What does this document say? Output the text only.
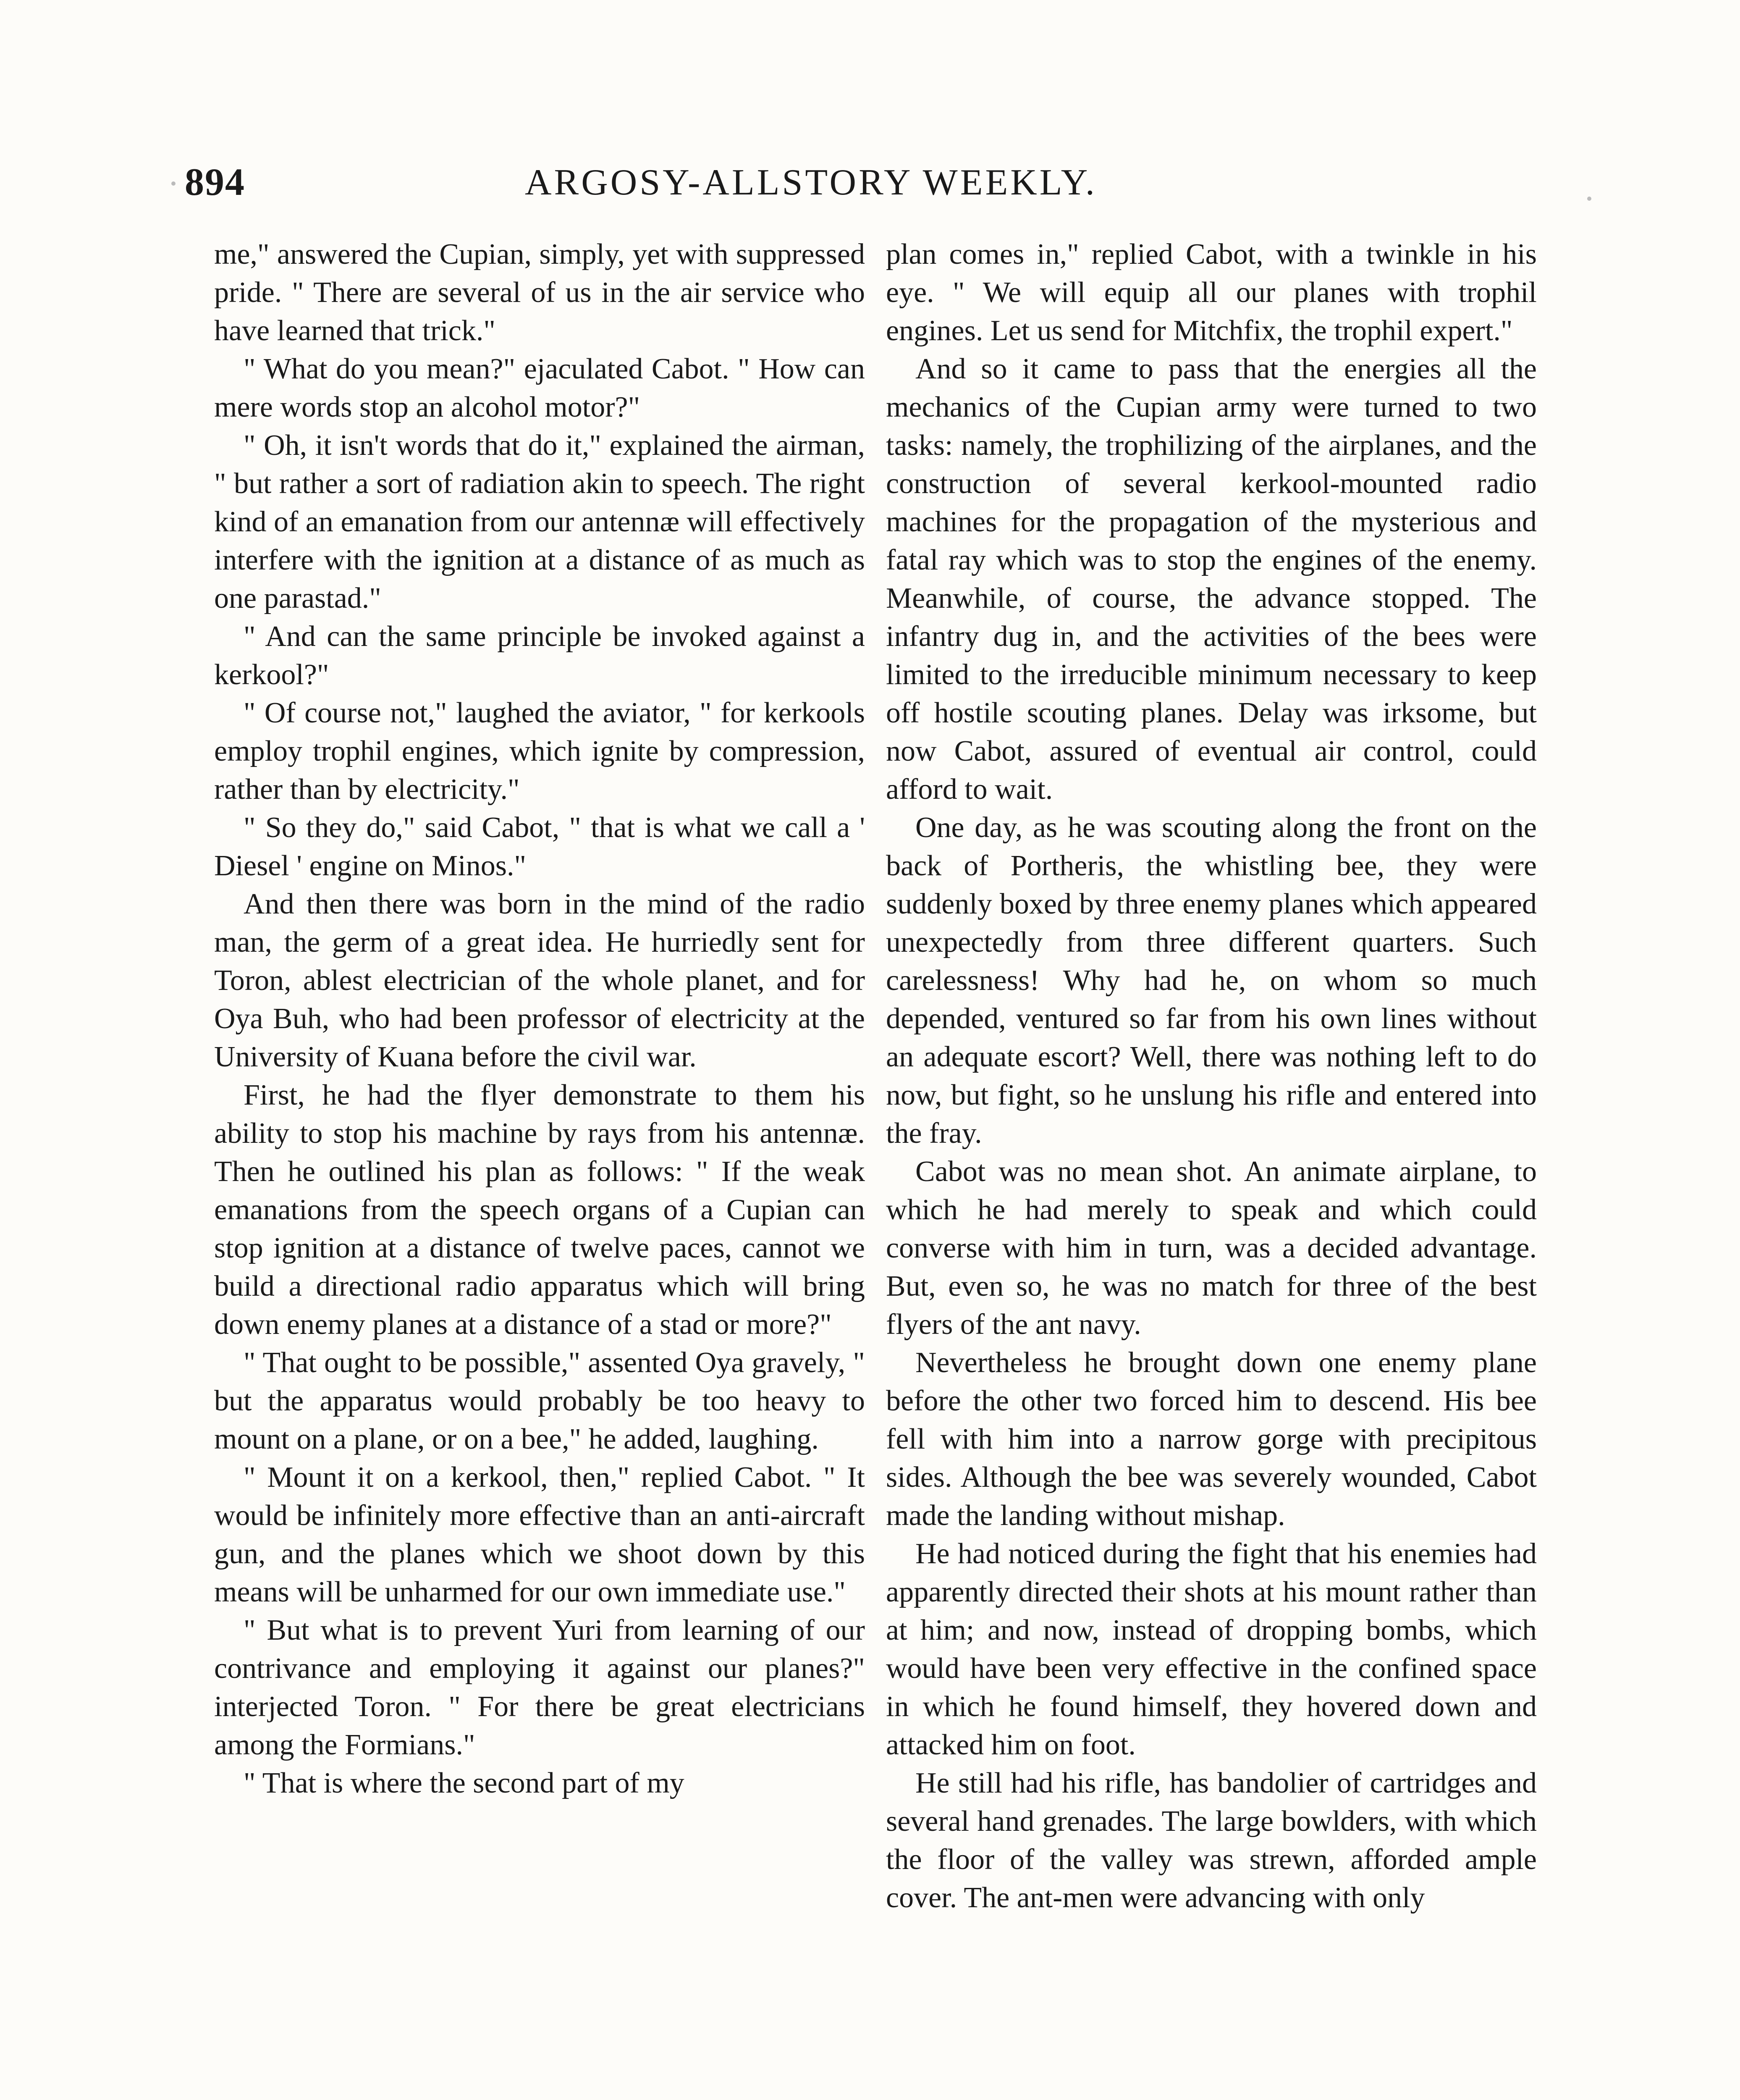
894	ARGOSY-ALLSTORY WEEKLY.

me," answered the Cupian, simply, yet with suppressed pride. " There are several of us in the air service who have learned that trick."

" What do you mean?" ejaculated Cabot. " How can mere words stop an alcohol motor?"

" Oh, it isn't words that do it," explained the airman, " but rather a sort of radiation akin to speech. The right kind of an emanation from our antennæ will effectively interfere with the ignition at a distance of as much as one parastad."

" And can the same principle be invoked against a kerkool?"

" Of course not," laughed the aviator, " for kerkools employ trophil engines, which ignite by compression, rather than by electricity."

" So they do," said Cabot, " that is what we call a ' Diesel ' engine on Minos."

And then there was born in the mind of the radio man, the germ of a great idea. He hurriedly sent for Toron, ablest electrician of the whole planet, and for Oya Buh, who had been professor of electricity at the University of Kuana before the civil war.

First, he had the flyer demonstrate to them his ability to stop his machine by rays from his antennæ. Then he outlined his plan as follows: " If the weak emanations from the speech organs of a Cupian can stop ignition at a distance of twelve paces, cannot we build a directional radio apparatus which will bring down enemy planes at a distance of a stad or more?"

" That ought to be possible," assented Oya gravely, " but the apparatus would probably be too heavy to mount on a plane, or on a bee," he added, laughing.

" Mount it on a kerkool, then," replied Cabot. " It would be infinitely more effective than an anti-aircraft gun, and the planes which we shoot down by this means will be unharmed for our own immediate use."

" But what is to prevent Yuri from learning of our contrivance and employing it against our planes?" interjected Toron. " For there be great electricians among the Formians."

" That is where the second part of my

plan comes in," replied Cabot, with a twinkle in his eye. " We will equip all our planes with trophil engines. Let us send for Mitchfix, the trophil expert."

And so it came to pass that the energies all the mechanics of the Cupian army were turned to two tasks: namely, the trophilizing of the airplanes, and the construction of several kerkool-mounted radio machines for the propagation of the mysterious and fatal ray which was to stop the engines of the enemy. Meanwhile, of course, the advance stopped. The infantry dug in, and the activities of the bees were limited to the irreducible minimum necessary to keep off hostile scouting planes. Delay was irksome, but now Cabot, assured of eventual air control, could afford to wait.

One day, as he was scouting along the front on the back of Portheris, the whistling bee, they were suddenly boxed by three enemy planes which appeared unexpectedly from three different quarters. Such carelessness! Why had he, on whom so much depended, ventured so far from his own lines without an adequate escort? Well, there was nothing left to do now, but fight, so he unslung his rifle and entered into the fray.

Cabot was no mean shot. An animate airplane, to which he had merely to speak and which could converse with him in turn, was a decided advantage. But, even so, he was no match for three of the best flyers of the ant navy.

Nevertheless he brought down one enemy plane before the other two forced him to descend. His bee fell with him into a narrow gorge with precipitous sides. Although the bee was severely wounded, Cabot made the landing without mishap.

He had noticed during the fight that his enemies had apparently directed their shots at his mount rather than at him; and now, instead of dropping bombs, which would have been very effective in the confined space in which he found himself, they hovered down and attacked him on foot.

He still had his rifle, has bandolier of cartridges and several hand grenades. The large bowlders, with which the floor of the valley was strewn, afforded ample cover. The ant-men were advancing with only
